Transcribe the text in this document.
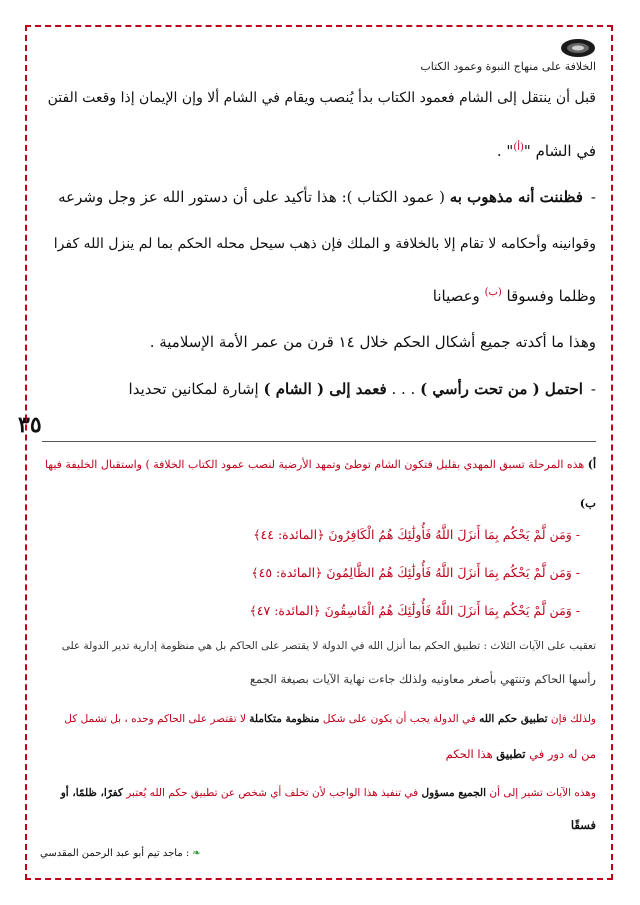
الخلافة على منهاج النبوة وعمود الكتاب
قبل أن ينتقل إلى الشام فعمود الكتاب بدأ يُنصب ويقام في الشام ألا وإن الإيمان إذا وقعت الفتن
في الشام "$^{(أ)}$" .
-فظننت أنه مذهوب به ( عمود الكتاب ): هذا تأكيد على أن دستور الله عز وجل وشرعه
وقوانينه وأحكامه لا تقام إلا بالخلافة و الملك فإن ذهب سيحل محله الحكم بما لم ينزل الله كفرا
وظلما وفسوقا $^{(ب)}$ وعصيانا
وهذا ما أكدته جميع أشكال الحكم خلال ١٤ قرن من عمر الأمة الإسلامية .
-احتمل ( من تحت رأسي ) . . . فعمد إلى ( الشام ) إشارة لمكانين تحديدا
٣٥
أ) هذه المرحلة تسبق المهدي بقليل فتكون الشام توطئ وتمهد الأرضية لنصب عمود الكتاب الخلافة ) واستقبال الخليفة فيها
ب)
- وَمَن لَّمْ يَحْكُم بِمَا أَنزَلَ اللَّهُ فَأُولَٰئِكَ هُمُ الْكَافِرُونَ ﴿المائدة: ٤٤﴾
- وَمَن لَّمْ يَحْكُم بِمَا أَنزَلَ اللَّهُ فَأُولَٰئِكَ هُمُ الظَّالِمُونَ ﴿المائدة: ٤٥﴾
- وَمَن لَّمْ يَحْكُم بِمَا أَنزَلَ اللَّهُ فَأُولَٰئِكَ هُمُ الْفَاسِقُونَ ﴿المائدة: ٤٧﴾
تعقيب على الآيات الثلاث : تطبيق الحكم بما أنزل الله في الدولة لا يقتصر على الحاكم بل هي منظومة إدارية تدير الدولة على
رأسها الحاكم وتنتهي بأصغر معاونيه ولذلك جاءت نهاية الآيات بصيغة الجمع
ولذلك فإن تطبيق حكم الله في الدولة يجب أن يكون على شكل منظومة متكاملة لا تقتصر على الحاكم وحده ، بل تشمل كل
من له دور في تطبيق هذا الحكم
وهذه الآيات تشير إلى أن الجميع مسؤول في تنفيذ هذا الواجب لأن تخلف أي شخص عن تطبيق حكم الله يُعتبر كفرًا، ظلمًا، أو
فسقًا
❧: ماجد تيم أبو عبد الرحمن المقدسي
